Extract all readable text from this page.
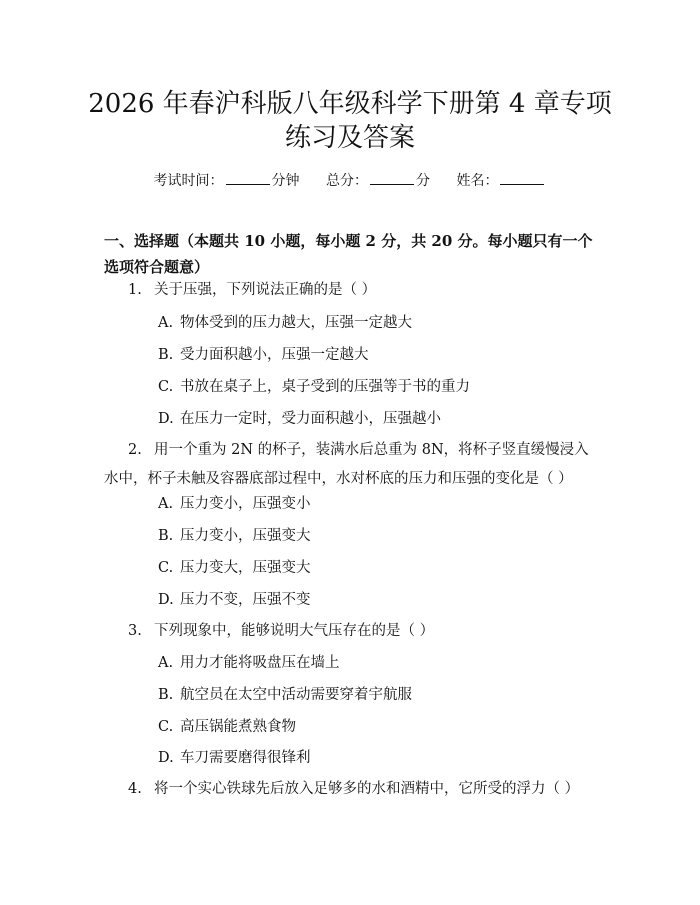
2026 年春沪科版八年级科学下册第 4 章专项
练习及答案
考试时间：	分钟 总分：	分 姓名：
一、选择题（本题共 10 小题，每小题 2 分，共 20 分。每小题只有一个选项符合题意）
1. 关于压强，下列说法正确的是（ ）
A. 物体受到的压力越大，压强一定越大
B. 受力面积越小，压强一定越大
C. 书放在桌子上，桌子受到的压强等于书的重力
D. 在压力一定时，受力面积越小，压强越小
2. 用一个重为 2N 的杯子，装满水后总重为 8N，将杯子竖直缓慢浸入水中，杯子未触及容器底部过程中，水对杯底的压力和压强的变化是（ ）
A. 压力变小，压强变小
B. 压力变小，压强变大
C. 压力变大，压强变大
D. 压力不变，压强不变
3. 下列现象中，能够说明大气压存在的是（ ）
A. 用力才能将吸盘压在墙上
B. 航空员在太空中活动需要穿着宇航服
C. 高压锅能煮熟食物
D. 车刀需要磨得很锋利
4. 将一个实心铁球先后放入足够多的水和酒精中，它所受的浮力（ ）
